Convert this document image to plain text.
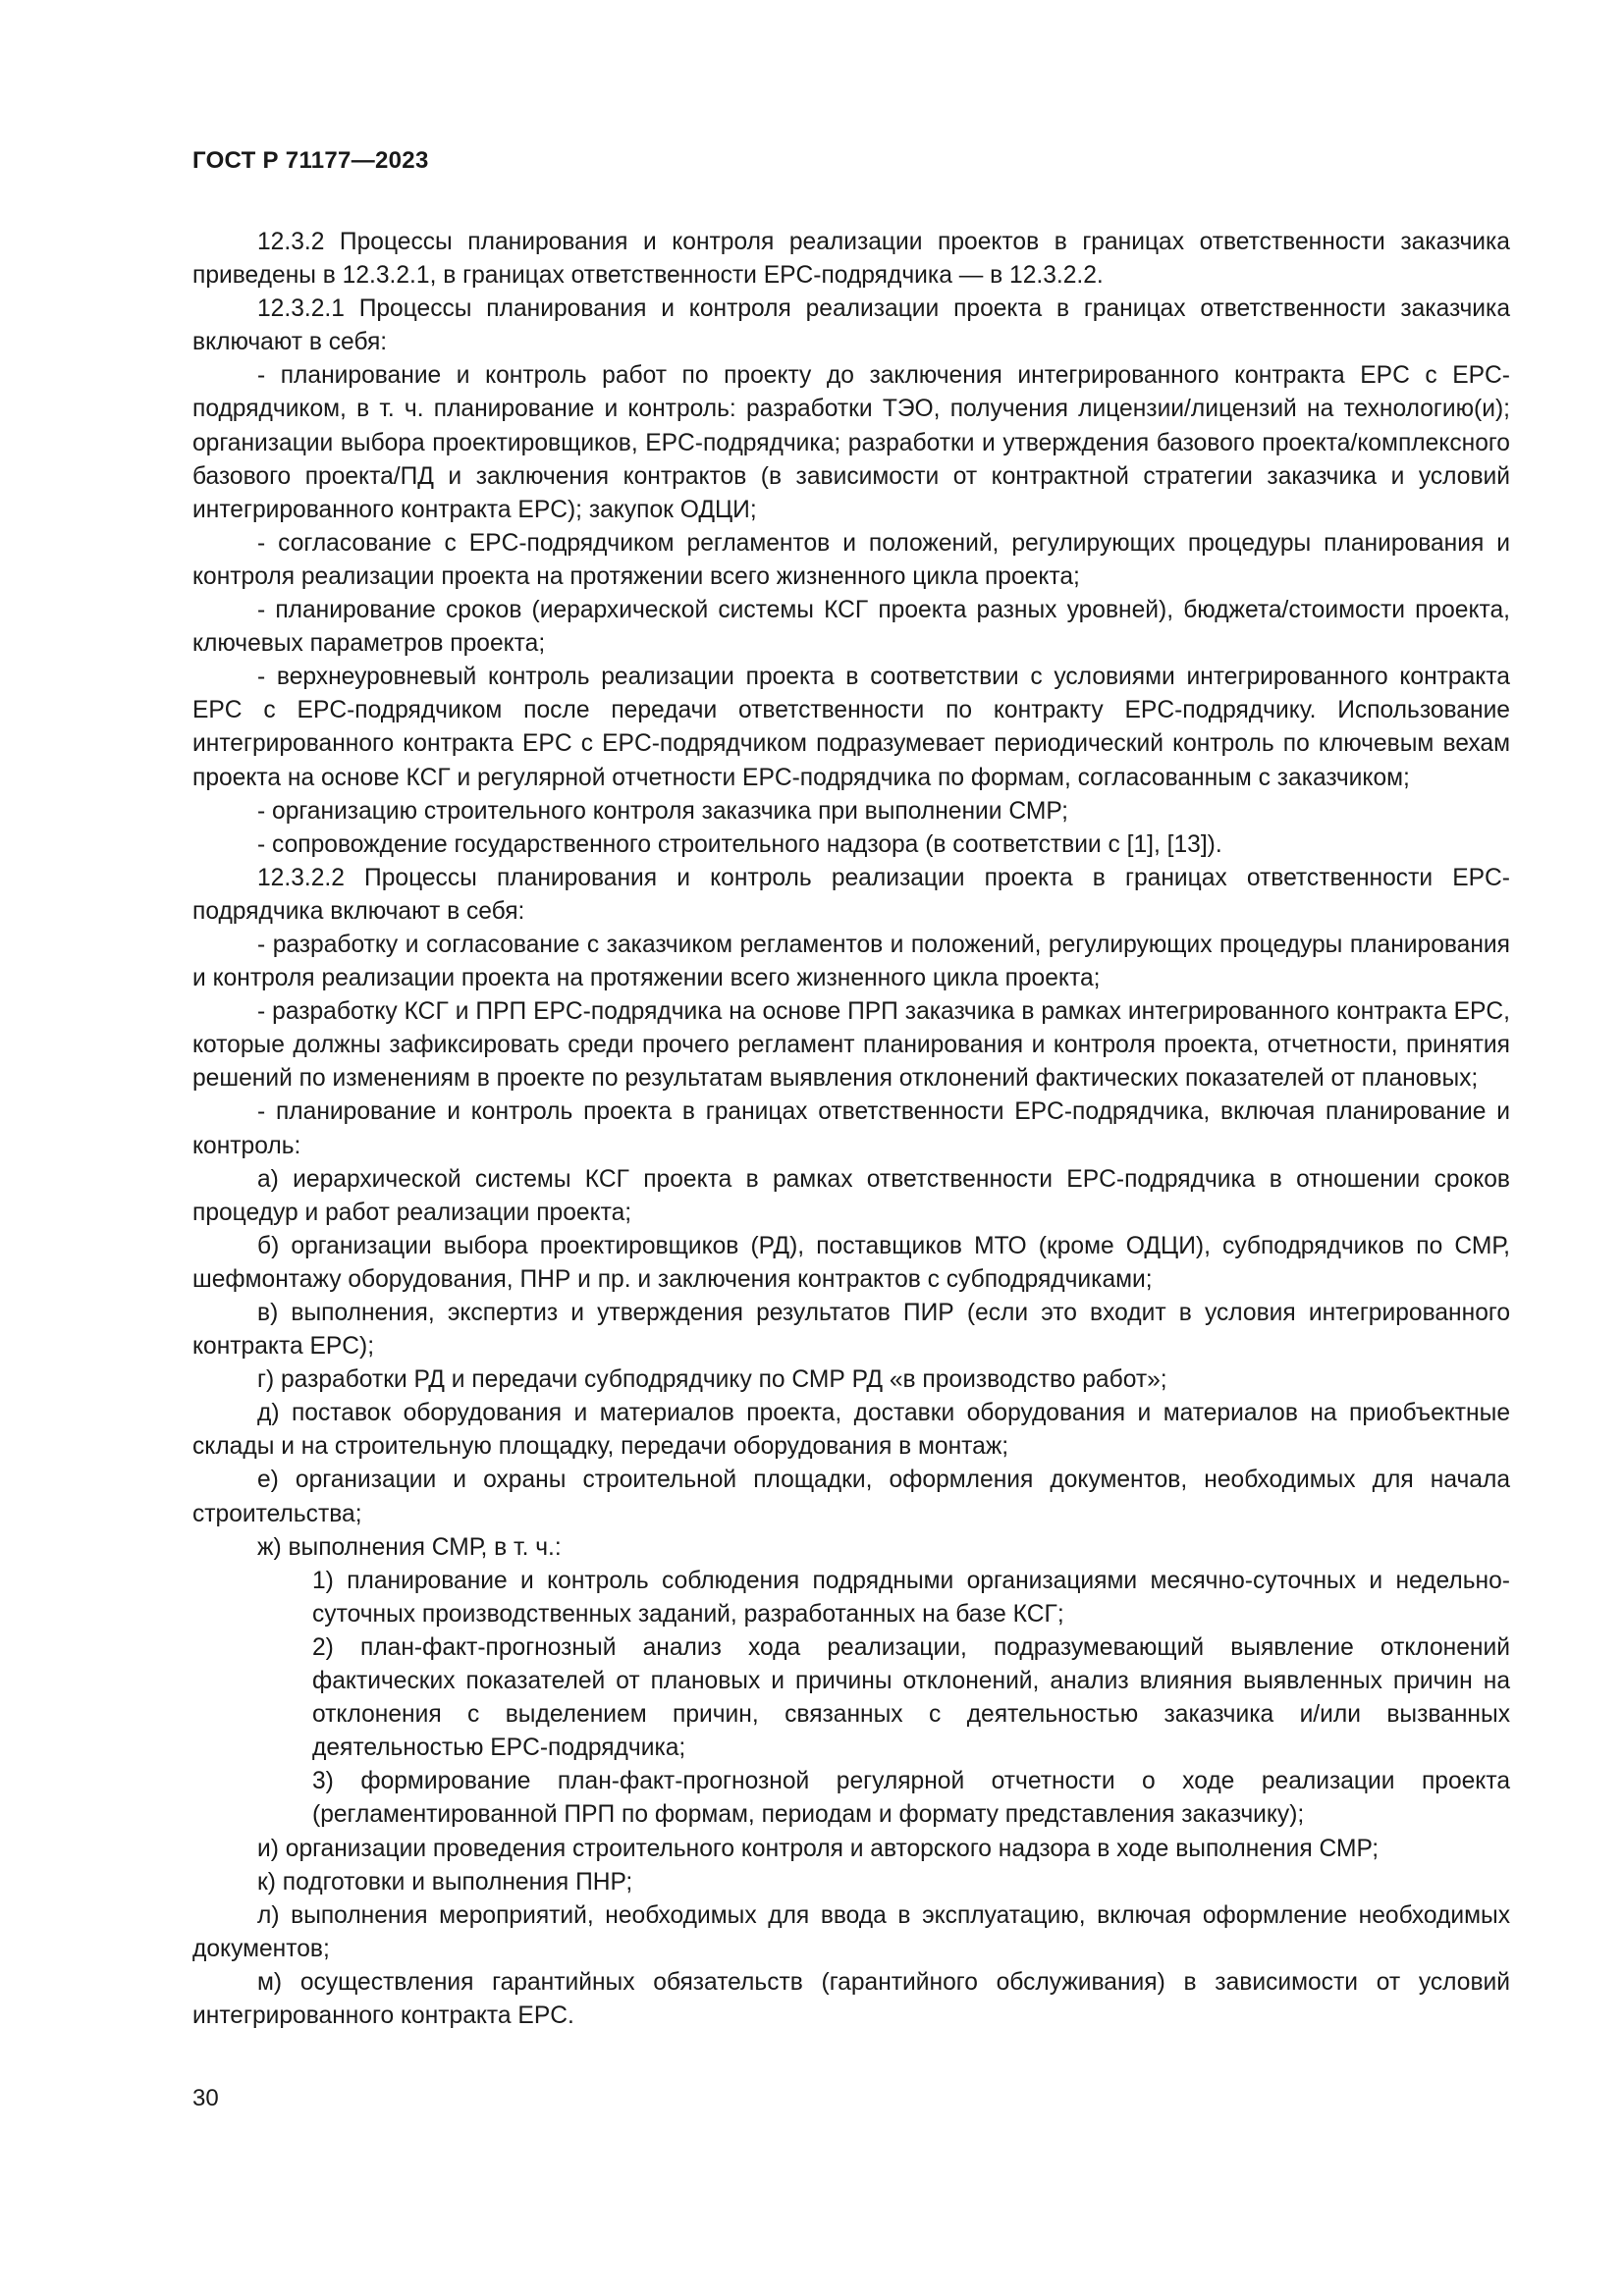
ГОСТ Р 71177—2023

12.3.2 Процессы планирования и контроля реализации проектов в границах ответственности заказчика приведены в 12.3.2.1, в границах ответственности EPC-подрядчика — в 12.3.2.2.

12.3.2.1 Процессы планирования и контроля реализации проекта в границах ответственности заказчика включают в себя:

- планирование и контроль работ по проекту до заключения интегрированного контракта EPC с EPC-подрядчиком, в т. ч. планирование и контроль: разработки ТЭО, получения лицензии/лицензий на технологию(и); организации выбора проектировщиков, EPC-подрядчика; разработки и утверждения базового проекта/комплексного базового проекта/ПД и заключения контрактов (в зависимости от контрактной стратегии заказчика и условий интегрированного контракта EPC); закупок ОДЦИ;

- согласование с EPC-подрядчиком регламентов и положений, регулирующих процедуры планирования и контроля реализации проекта на протяжении всего жизненного цикла проекта;

- планирование сроков (иерархической системы КСГ проекта разных уровней), бюджета/стоимости проекта, ключевых параметров проекта;

- верхнеуровневый контроль реализации проекта в соответствии с условиями интегрированного контракта EPC с EPC-подрядчиком после передачи ответственности по контракту EPC-подрядчику. Использование интегрированного контракта EPC с EPC-подрядчиком подразумевает периодический контроль по ключевым вехам проекта на основе КСГ и регулярной отчетности EPC-подрядчика по формам, согласованным с заказчиком;

- организацию строительного контроля заказчика при выполнении СМР;

- сопровождение государственного строительного надзора (в соответствии с [1], [13]).

12.3.2.2 Процессы планирования и контроль реализации проекта в границах ответственности EPC-подрядчика включают в себя:

- разработку и согласование с заказчиком регламентов и положений, регулирующих процедуры планирования и контроля реализации проекта на протяжении всего жизненного цикла проекта;

- разработку КСГ и ПРП EPC-подрядчика на основе ПРП заказчика в рамках интегрированного контракта EPC, которые должны зафиксировать среди прочего регламент планирования и контроля проекта, отчетности, принятия решений по изменениям в проекте по результатам выявления отклонений фактических показателей от плановых;

- планирование и контроль проекта в границах ответственности EPC-подрядчика, включая планирование и контроль:

а) иерархической системы КСГ проекта в рамках ответственности EPC-подрядчика в отношении сроков процедур и работ реализации проекта;

б) организации выбора проектировщиков (РД), поставщиков МТО (кроме ОДЦИ), субподрядчиков по СМР, шефмонтажу оборудования, ПНР и пр. и заключения контрактов с субподрядчиками;

в) выполнения, экспертиз и утверждения результатов ПИР (если это входит в условия интегрированного контракта EPC);

г) разработки РД и передачи субподрядчику по СМР РД «в производство работ»;

д) поставок оборудования и материалов проекта, доставки оборудования и материалов на приобъектные склады и на строительную площадку, передачи оборудования в монтаж;

е) организации и охраны строительной площадки, оформления документов, необходимых для начала строительства;

ж) выполнения СМР, в т. ч.:

1) планирование и контроль соблюдения подрядными организациями месячно-суточных и недельно-суточных производственных заданий, разработанных на базе КСГ;

2) план-факт-прогнозный анализ хода реализации, подразумевающий выявление отклонений фактических показателей от плановых и причины отклонений, анализ влияния выявленных причин на отклонения с выделением причин, связанных с деятельностью заказчика и/или вызванных деятельностью EPC-подрядчика;

3) формирование план-факт-прогнозной регулярной отчетности о ходе реализации проекта (регламентированной ПРП по формам, периодам и формату представления заказчику);

и) организации проведения строительного контроля и авторского надзора в ходе выполнения СМР;

к) подготовки и выполнения ПНР;

л) выполнения мероприятий, необходимых для ввода в эксплуатацию, включая оформление необходимых документов;

м) осуществления гарантийных обязательств (гарантийного обслуживания) в зависимости от условий интегрированного контракта EPC.

30
